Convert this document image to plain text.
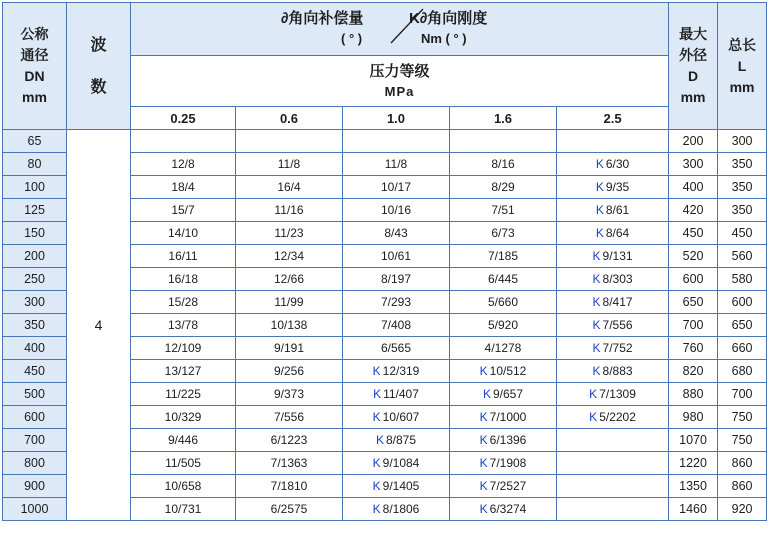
公称
通径
DN
mm	波

数	∂角向补偿量
( ° )
K∂角向刚度
Nm ( ° )					最大
外径
D
mm	总长
L
mm
		压力等级
MPa						

		0.25	0.6	1.0	1.6	2.5		
65	4						200	300
80		12/8	11/8	11/8	8/16	K 6/30	300	350
100		18/4	16/4	10/17	8/29	K 9/35	400	350
125		15/7	11/16	10/16	7/51	K 8/61	420	350
150		14/10	11/23	8/43	6/73	K 8/64	450	450
200		16/11	12/34	10/61	7/185	K 9/131	520	560
250		16/18	12/66	8/197	6/445	K 8/303	600	580
300		15/28	11/99	7/293	5/660	K 8/417	650	600
350		13/78	10/138	7/408	5/920	K 7/556	700	650
400		12/109	9/191	6/565	4/1278	K 7/752	760	660
450		13/127	9/256	K 12/319	K 10/512	K 8/883	820	680
500		11/225	9/373	K 11/407	K 9/657	K 7/1309	880	700
600		10/329	7/556	K 10/607	K 7/1000	K 5/2202	980	750
700		9/446	6/1223	K 8/875	K 6/1396		1070	750
800		11/505	7/1363	K 9/1084	K 7/1908		1220	860
900		10/658	7/1810	K 9/1405	K 7/2527		1350	860
1000		10/731	6/2575	K 8/1806	K 6/3274		1460	920
